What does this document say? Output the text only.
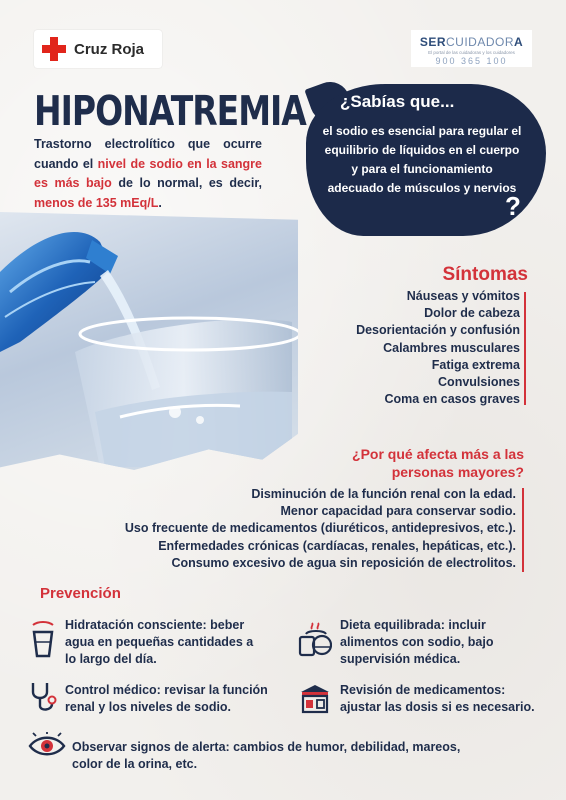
Cruz Roja	SERCUIDADORA
El portal de las cuidadoras y los cuidadores
900 365 100
HIPONATREMIA

Trastorno electrolítico que ocurre cuando el nivel de sodio en la sangre es más bajo de lo normal, es decir, menos de 135 mEq/L.

¿Sabías que...
el sodio es esencial para regular el equilibrio de líquidos en el cuerpo y para el funcionamiento adecuado de músculos y nervios
?
Síntomas
Náuseas y vómitos
Dolor de cabeza
Desorientación y confusión
Calambres musculares
Fatiga extrema
Convulsiones
Coma en casos graves
¿Por qué afecta más a las
personas mayores?
Disminución de la función renal con la edad.
Menor capacidad para conservar sodio.
Uso frecuente de medicamentos (diuréticos, antidepresivos, etc.).
Enfermedades crónicas (cardíacas, renales, hepáticas, etc.).
Consumo excesivo de agua sin reposición de electrolitos.
Prevención
Hidratación consciente: beber
agua en pequeñas cantidades a
lo largo del día.
Dieta equilibrada: incluir
alimentos con sodio, bajo
supervisión médica.
Control médico: revisar la función
renal y los niveles de sodio.
Revisión de medicamentos:
ajustar las dosis si es necesario.
Observar signos de alerta: cambios de humor, debilidad, mareos,
color de la orina, etc.
